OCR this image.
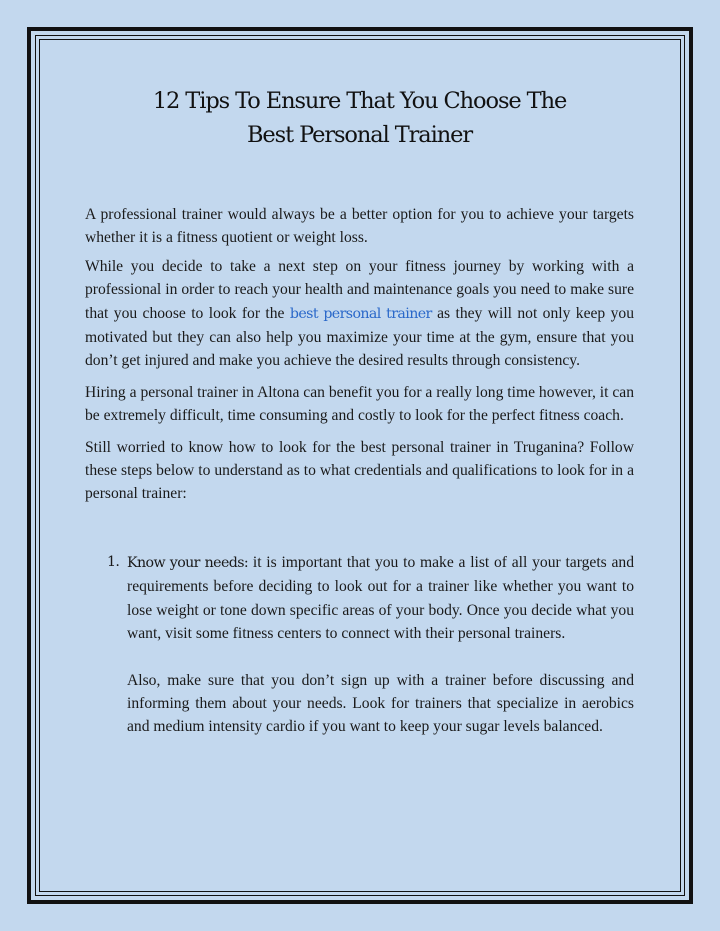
12 Tips To Ensure That You Choose The
Best Personal Trainer

A professional trainer would always be a better option for you to achieve your targets whether it is a fitness quotient or weight loss.

While you decide to take a next step on your fitness journey by working with a professional in order to reach your health and maintenance goals you need to make sure that you choose to look for the best personal trainer as they will not only keep you motivated but they can also help you maximize your time at the gym, ensure that you don’t get injured and make you achieve the desired results through consistency.

Hiring a personal trainer in Altona can benefit you for a really long time however, it can be extremely difficult, time consuming and costly to look for the perfect fitness coach.

Still worried to know how to look for the best personal trainer in Truganina? Follow these steps below to understand as to what credentials and qualifications to look for in a personal trainer:

1. Know your needs: it is important that you to make a list of all your targets and requirements before deciding to look out for a trainer like whether you want to lose weight or tone down specific areas of your body. Once you decide what you want, visit some fitness centers to connect with their personal trainers.

Also, make sure that you don’t sign up with a trainer before discussing and informing them about your needs. Look for trainers that specialize in aerobics and medium intensity cardio if you want to keep your sugar levels balanced.
